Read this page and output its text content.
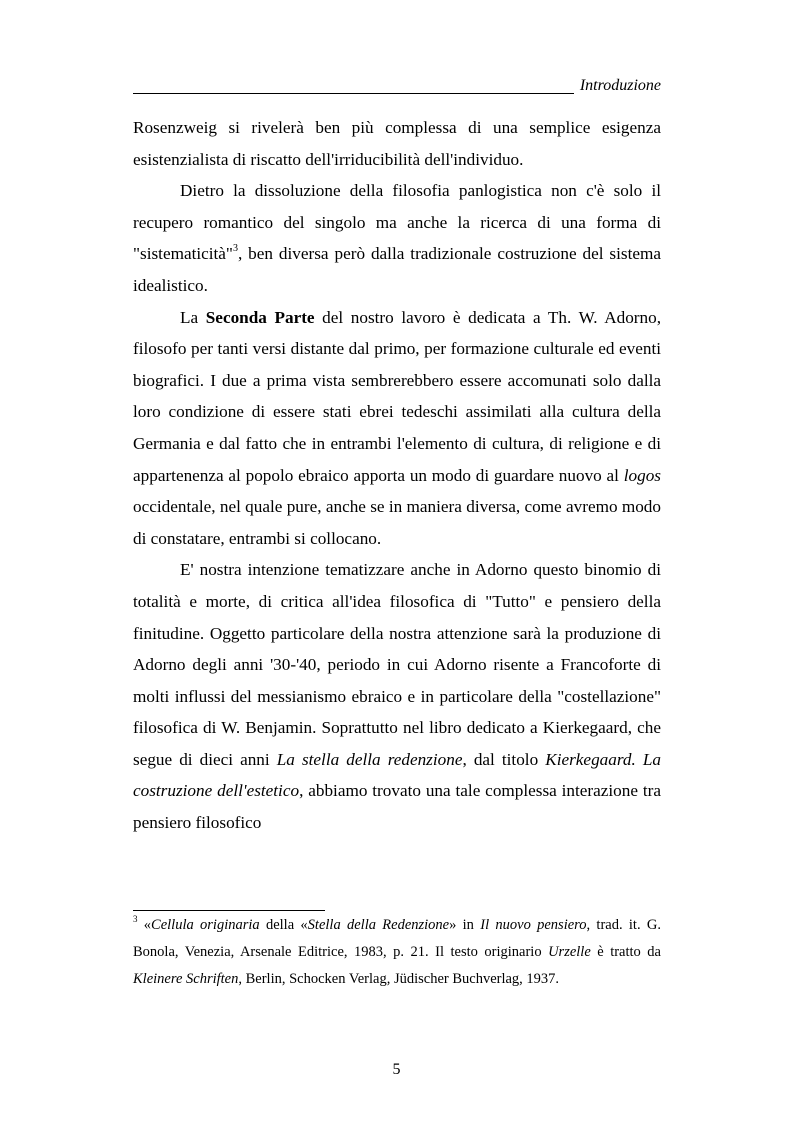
Introduzione

Rosenzweig si rivelerà ben più complessa di una semplice esigenza esistenzialista di riscatto dell'irriducibilità dell'individuo.

Dietro la dissoluzione della filosofia panlogistica non c'è solo il recupero romantico del singolo ma anche la ricerca di una forma di "sistematicità"$^3$, ben diversa però dalla tradizionale costruzione del sistema idealistico.

La Seconda Parte del nostro lavoro è dedicata a Th. W. Adorno, filosofo per tanti versi distante dal primo, per formazione culturale ed eventi biografici. I due a prima vista sembrerebbero essere accomunati solo dalla loro condizione di essere stati ebrei tedeschi assimilati alla cultura della Germania e dal fatto che in entrambi l'elemento di cultura, di religione e di appartenenza al popolo ebraico apporta un modo di guardare nuovo al logos occidentale, nel quale pure, anche se in maniera diversa, come avremo modo di constatare, entrambi si collocano.

E' nostra intenzione tematizzare anche in Adorno questo binomio di totalità e morte, di critica all'idea filosofica di "Tutto" e pensiero della finitudine. Oggetto particolare della nostra attenzione sarà la produzione di Adorno degli anni '30-'40, periodo in cui Adorno risente a Francoforte di molti influssi del messianismo ebraico e in particolare della "costellazione" filosofica di W. Benjamin. Soprattutto nel libro dedicato a Kierkegaard, che segue di dieci anni La stella della redenzione, dal titolo Kierkegaard. La costruzione dell'estetico, abbiamo trovato una tale complessa interazione tra pensiero filosofico

$^3$ «Cellula originaria della «Stella della Redenzione» in Il nuovo pensiero, trad. it. G. Bonola, Venezia, Arsenale Editrice, 1983, p. 21. Il testo originario Urzelle è tratto da Kleinere Schriften, Berlin, Schocken Verlag, Jüdischer Buchverlag, 1937.

5
